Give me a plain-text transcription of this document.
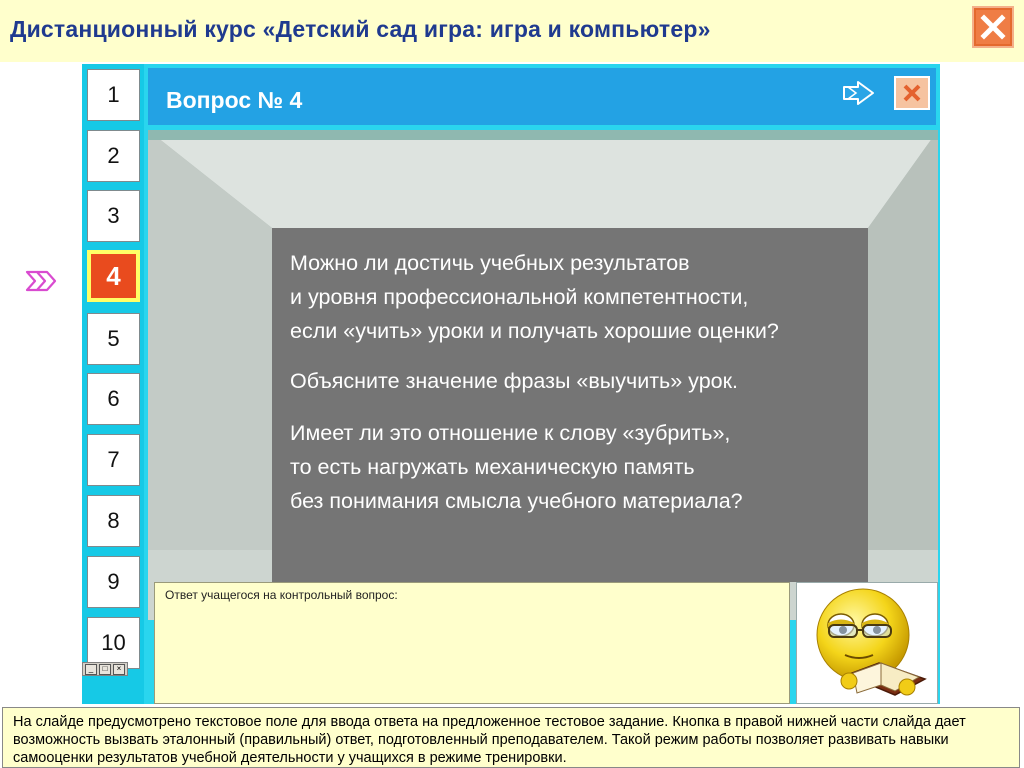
Дистанционный курс «Детский сад игра: игра и компьютер»
1
2
3
4
5
6
7
8
9
10
_	□	×
Вопрос № 4

Можно ли достичь учебных результатов

и уровня профессиональной компетентности,

если «учить» уроки и получать хорошие оценки?

Объясните значение фразы «выучить» урок.

Имеет ли это отношение к слову «зубрить»,

то есть нагружать механическую память

без понимания смысла учебного материала?

Ответ учащегося на контрольный вопрос:
На слайде предусмотрено текстовое поле для ввода ответа на предложенное тестовое задание. Кнопка в правой нижней части слайда дает возможность вызвать эталонный (правильный) ответ, подготовленный преподавателем. Такой режим работы позволяет развивать навыки самооценки результатов учебной деятельности у учащихся в режиме тренировки.
